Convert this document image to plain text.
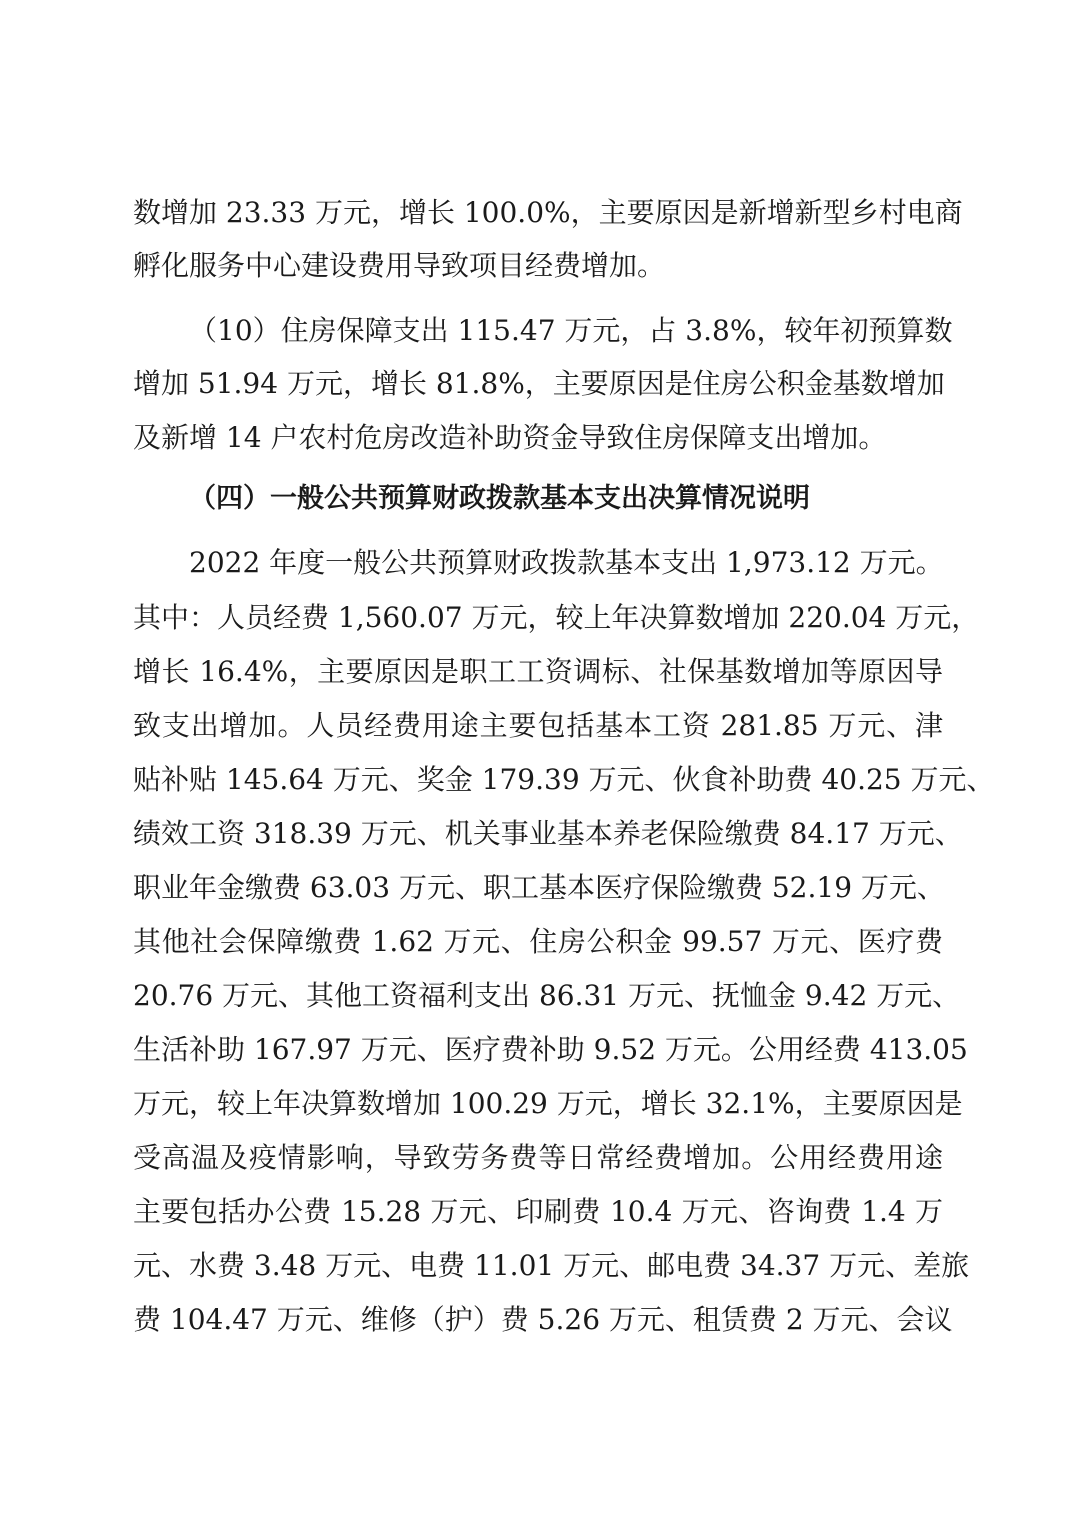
数增加 23.33 万元，增长 100.0%，主要原因是新增新型乡村电商
孵化服务中心建设费用导致项目经费增加。
（10）住房保障支出 115.47 万元，占 3.8%，较年初预算数
增加 51.94 万元，增长 81.8%，主要原因是住房公积金基数增加
及新增 14 户农村危房改造补助资金导致住房保障支出增加。
（四）一般公共预算财政拨款基本支出决算情况说明
2022 年度一般公共预算财政拨款基本支出 1,973.12 万元。
其中：人员经费 1,560.07 万元，较上年决算数增加 220.04 万元，
增长 16.4%，主要原因是职工工资调标、社保基数增加等原因导
致支出增加。人员经费用途主要包括基本工资 281.85 万元、津
贴补贴 145.64 万元、奖金 179.39 万元、伙食补助费 40.25 万元、
绩效工资 318.39 万元、机关事业基本养老保险缴费 84.17 万元、
职业年金缴费 63.03 万元、职工基本医疗保险缴费 52.19 万元、
其他社会保障缴费 1.62 万元、住房公积金 99.57 万元、医疗费
20.76 万元、其他工资福利支出 86.31 万元、抚恤金 9.42 万元、
生活补助 167.97 万元、医疗费补助 9.52 万元。公用经费 413.05
万元，较上年决算数增加 100.29 万元，增长 32.1%，主要原因是
受高温及疫情影响，导致劳务费等日常经费增加。公用经费用途
主要包括办公费 15.28 万元、印刷费 10.4 万元、咨询费 1.4 万
元、水费 3.48 万元、电费 11.01 万元、邮电费 34.37 万元、差旅
费 104.47 万元、维修（护）费 5.26 万元、租赁费 2 万元、会议
